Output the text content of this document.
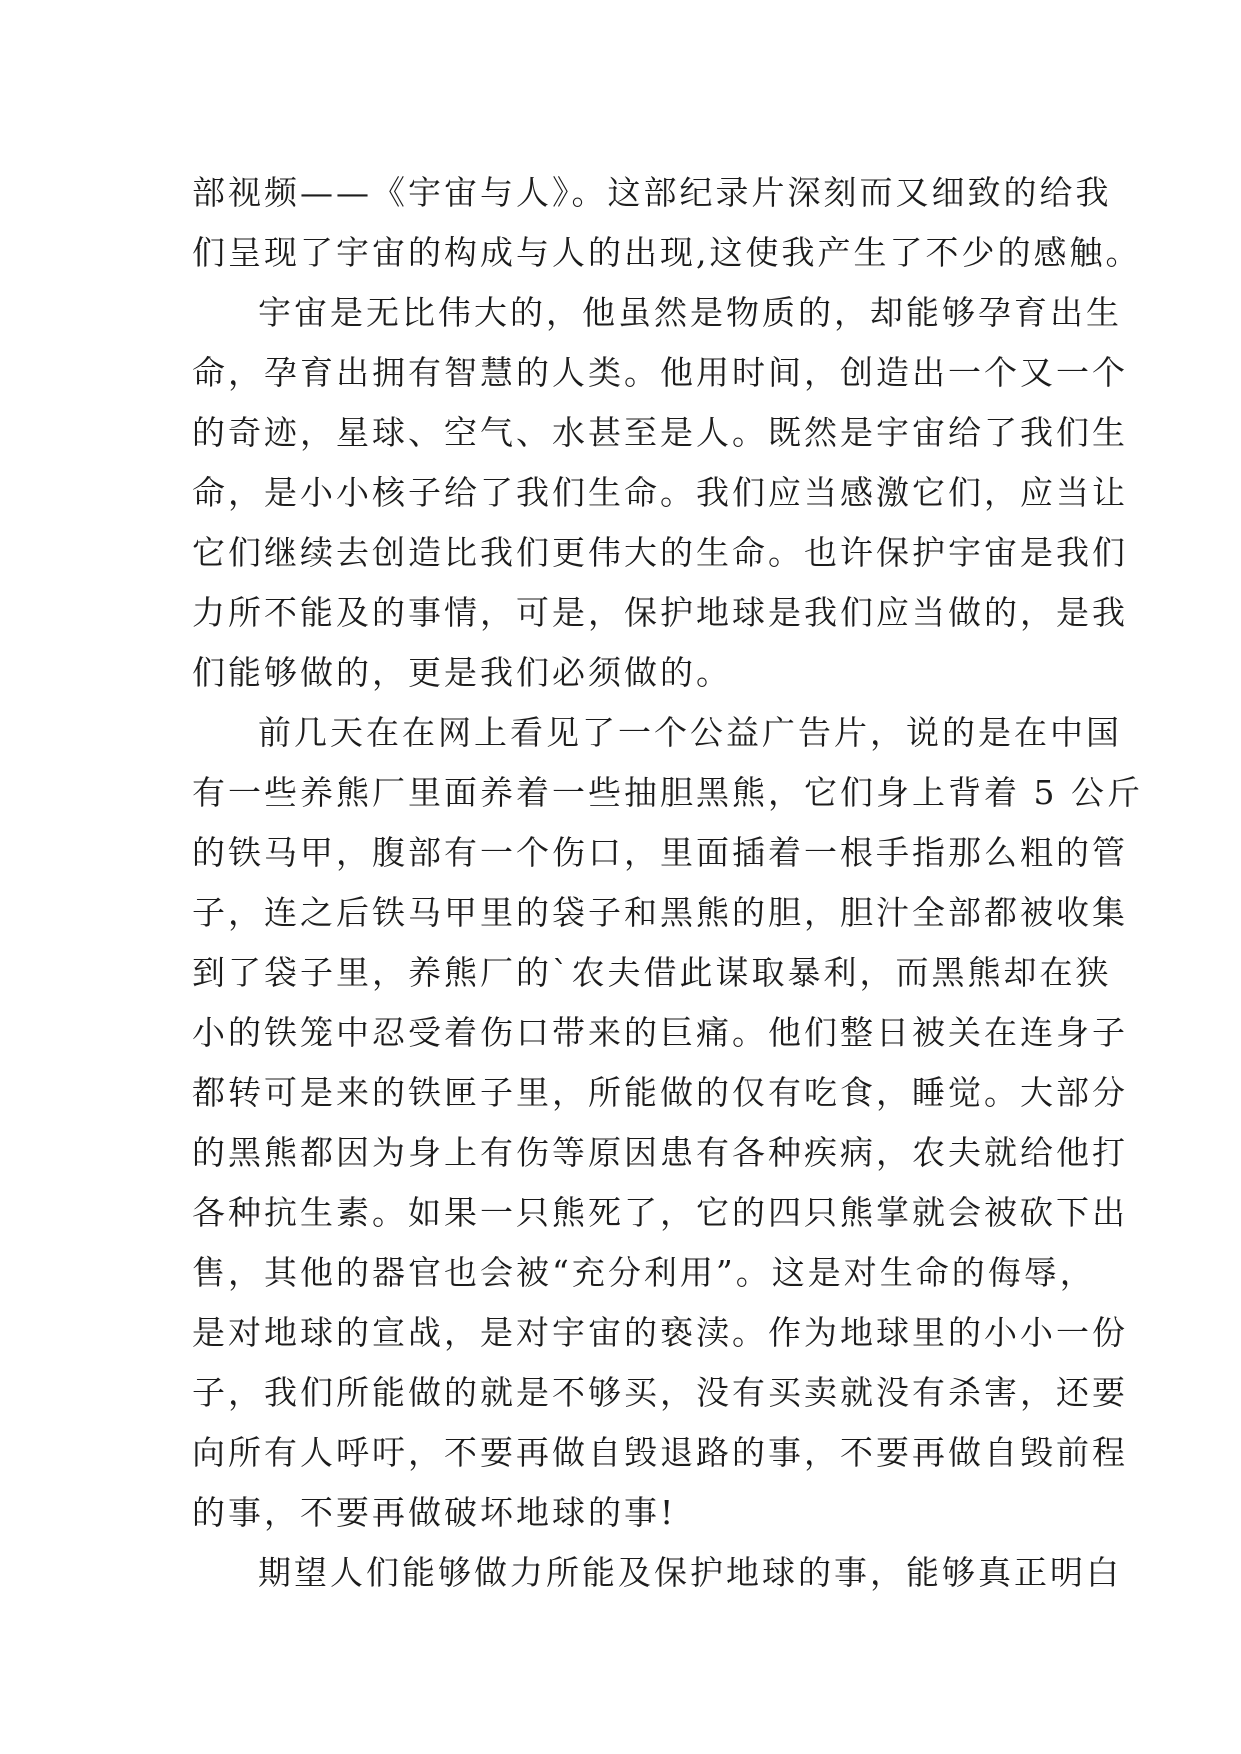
部视频——《宇宙与人》。这部纪录片深刻而又细致的给我
们呈现了宇宙的构成与人的出现,这使我产生了不少的感触。
宇宙是无比伟大的，他虽然是物质的，却能够孕育出生
命，孕育出拥有智慧的人类。他用时间，创造出一个又一个
的奇迹，星球、空气、水甚至是人。既然是宇宙给了我们生
命，是小小核子给了我们生命。我们应当感激它们，应当让
它们继续去创造比我们更伟大的生命。也许保护宇宙是我们
力所不能及的事情，可是，保护地球是我们应当做的，是我
们能够做的，更是我们必须做的。
前几天在在网上看见了一个公益广告片，说的是在中国
有一些养熊厂里面养着一些抽胆黑熊，它们身上背着 5 公斤
的铁马甲，腹部有一个伤口，里面插着一根手指那么粗的管
子，连之后铁马甲里的袋子和黑熊的胆，胆汁全部都被收集
到了袋子里，养熊厂的`农夫借此谋取暴利，而黑熊却在狭
小的铁笼中忍受着伤口带来的巨痛。他们整日被关在连身子
都转可是来的铁匣子里，所能做的仅有吃食，睡觉。大部分
的黑熊都因为身上有伤等原因患有各种疾病，农夫就给他打
各种抗生素。如果一只熊死了，它的四只熊掌就会被砍下出
售，其他的器官也会被“充分利用”。这是对生命的侮辱，
是对地球的宣战，是对宇宙的亵渎。作为地球里的小小一份
子，我们所能做的就是不够买，没有买卖就没有杀害，还要
向所有人呼吁，不要再做自毁退路的事，不要再做自毁前程
的事，不要再做破坏地球的事!
期望人们能够做力所能及保护地球的事，能够真正明白
